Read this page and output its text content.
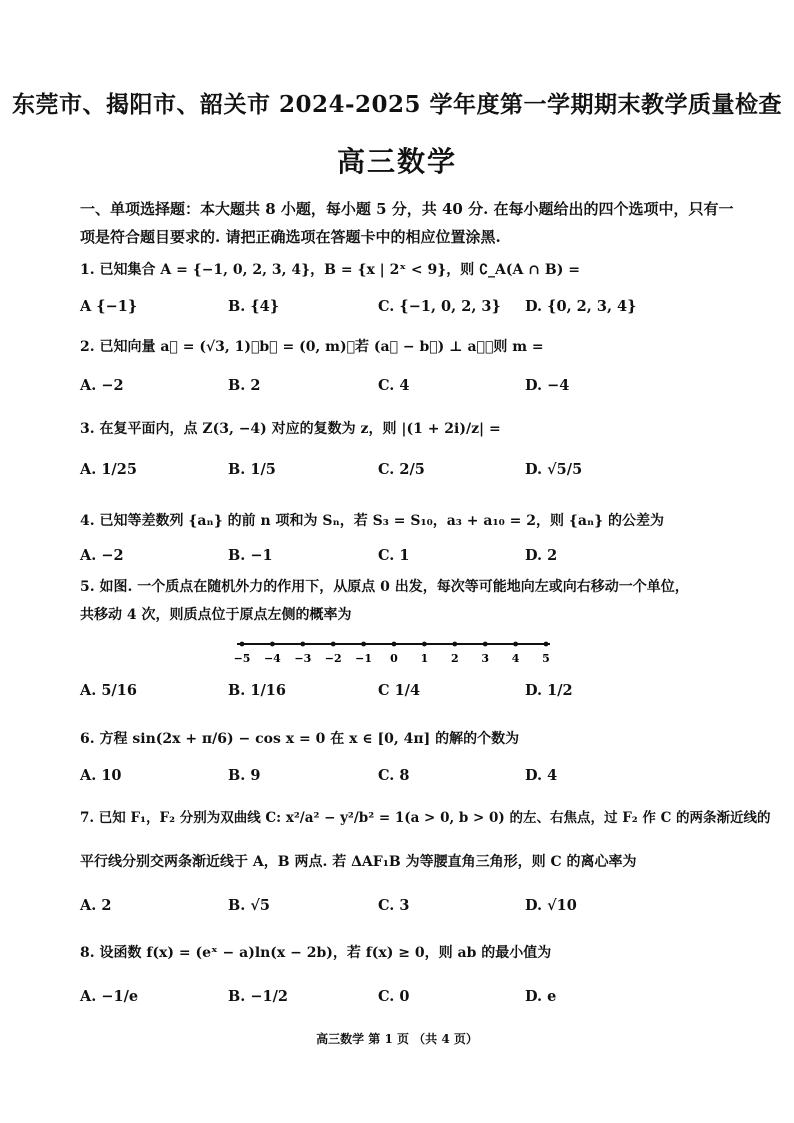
东莞市、揭阳市、韶关市 2024-2025 学年度第一学期期末教学质量检查
高三数学
一、单项选择题：本大题共 8 小题，每小题 5 分，共 40 分. 在每小题给出的四个选项中，只有一
项是符合题目要求的. 请把正确选项在答题卡中的相应位置涂黑.
1. 已知集合 A = {−1, 0, 2, 3, 4}，B = {x | 2ˣ < 9}，则 ∁_A(A ∩ B) =
A {−1}	B. {4}	C. {−1, 0, 2, 3} D. {0, 2, 3, 4}
2. 已知向量 a⃗ = (√3, 1)，b⃗ = (0, m)，若 (a⃗ − b⃗) ⊥ a⃗，则 m =
A. −2	B. 2	C. 4	D. −4
3. 在复平面内，点 Z(3, −4) 对应的复数为 z，则 |(1 + 2i)/z| =
A. 1/25	B. 1/5	C. 2/5	D. √5/5
4. 已知等差数列 {aₙ} 的前 n 项和为 Sₙ，若 S₃ = S₁₀，a₃ + a₁₀ = 2，则 {aₙ} 的公差为
A. −2	B. −1	C. 1	D. 2
5. 如图. 一个质点在随机外力的作用下，从原点 0 出发，每次等可能地向左或向右移动一个单位，
共移动 4 次，则质点位于原点左侧的概率为
−5 −4 −3 −2 −1 0 1 2 3 4 5
A. 5/16	B. 1/16	C 1/4	D. 1/2
6. 方程 sin(2x + π/6) − cos x = 0 在 x ∈ [0, 4π] 的解的个数为
A. 10	B. 9	C. 8	D. 4
7. 已知 F₁，F₂ 分别为双曲线 C: x²/a² − y²/b² = 1(a > 0, b > 0) 的左、右焦点，过 F₂ 作 C 的两条渐近线的
平行线分别交两条渐近线于 A，B 两点. 若 ΔAF₁B 为等腰直角三角形，则 C 的离心率为
A. 2	B. √5	C. 3	D. √10
8. 设函数 f(x) = (eˣ − a)ln(x − 2b)，若 f(x) ≥ 0，则 ab 的最小值为
A. −1/e	B. −1/2	C. 0	D. e
高三数学 第 1 页 （共 4 页）
